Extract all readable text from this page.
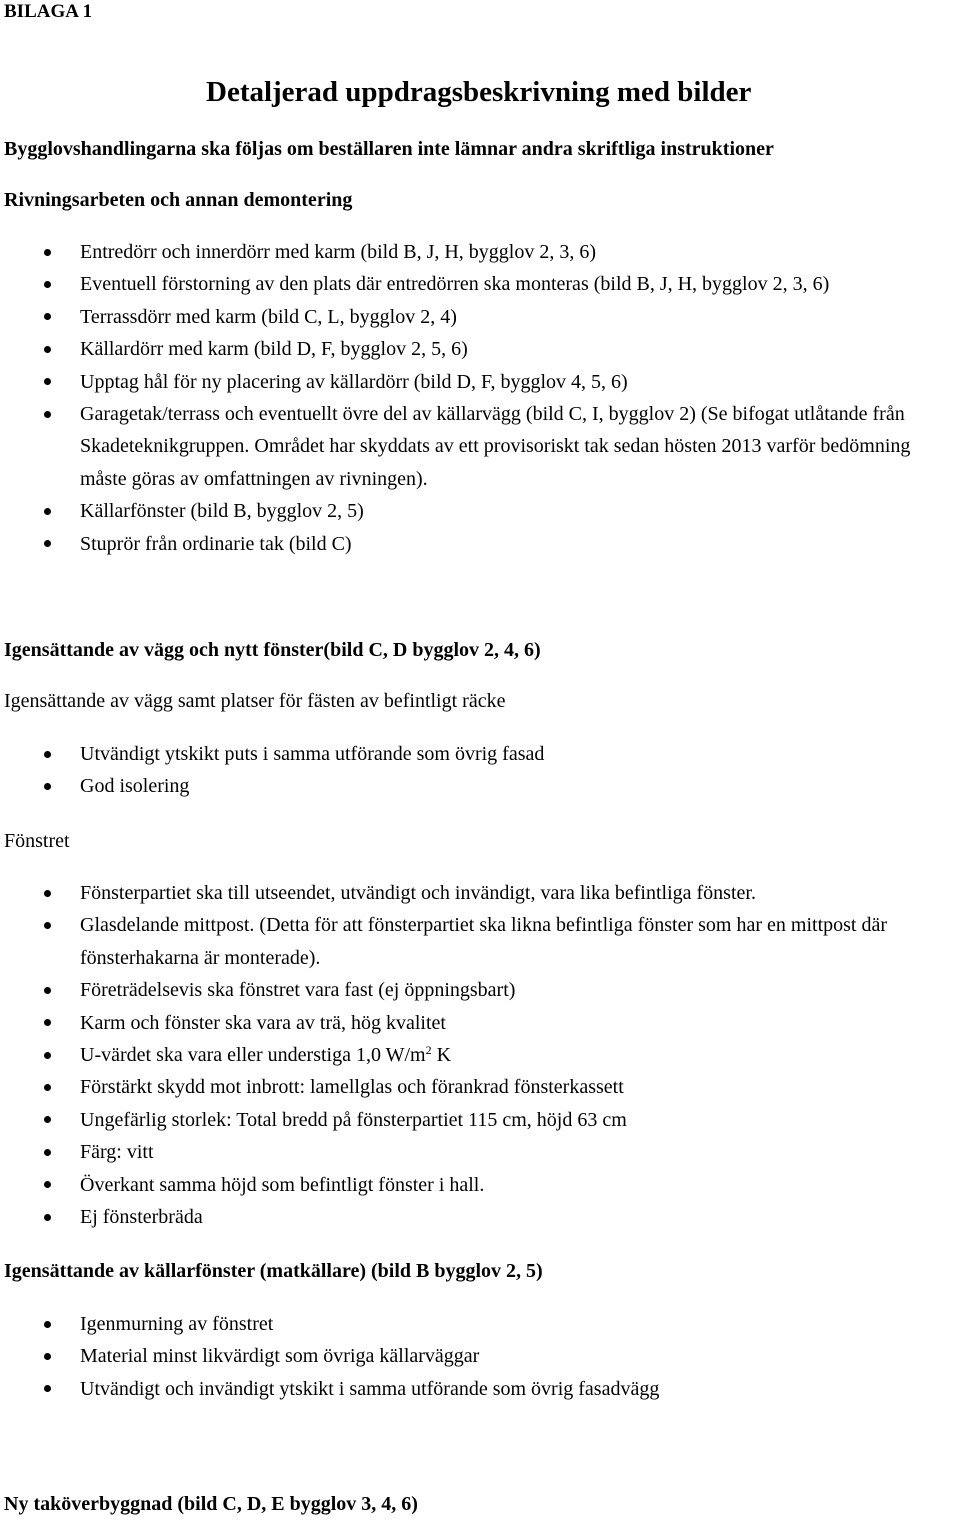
BILAGA 1
Detaljerad uppdragsbeskrivning med bilder
Bygglovshandlingarna ska följas om beställaren inte lämnar andra skriftliga instruktioner
Rivningsarbeten och annan demontering
Entredörr och innerdörr med karm (bild B, J, H, bygglov 2, 3, 6)
Eventuell förstorning av den plats där entredörren ska monteras (bild B, J, H, bygglov 2, 3, 6)
Terrassdörr med karm (bild C, L, bygglov 2, 4)
Källardörr med karm (bild D, F, bygglov 2, 5, 6)
Upptag hål för ny placering av källardörr (bild D, F, bygglov 4, 5, 6)
Garagetak/terrass och eventuellt övre del av källarvägg (bild C, I, bygglov 2) (Se bifogat utlåtande från Skadeteknikgruppen. Området har skyddats av ett provisoriskt tak sedan hösten 2013 varför bedömning måste göras av omfattningen av rivningen).
Källarfönster (bild B, bygglov 2, 5)
Stuprör från ordinarie tak (bild C)
Igensättande av vägg och nytt fönster(bild C, D bygglov 2, 4, 6)
Igensättande av vägg samt platser för fästen av befintligt räcke
Utvändigt ytskikt puts i samma utförande som övrig fasad
God isolering
Fönstret
Fönsterpartiet ska till utseendet, utvändigt och invändigt, vara lika befintliga fönster.
Glasdelande mittpost. (Detta för att fönsterpartiet ska likna befintliga fönster som har en mittpost där fönsterhakarna är monterade).
Företrädelsevis ska fönstret vara fast (ej öppningsbart)
Karm och fönster ska vara av trä, hög kvalitet
U-värdet ska vara eller understiga 1,0 $W/m^2$ K
Förstärkt skydd mot inbrott: lamellglas och förankrad fönsterkassett
Ungefärlig storlek: Total bredd på fönsterpartiet 115 cm, höjd 63 cm
Färg: vitt
Överkant samma höjd som befintligt fönster i hall.
Ej fönsterbräda
Igensättande av källarfönster (matkällare) (bild B bygglov 2, 5)
Igenmurning av fönstret
Material minst likvärdigt som övriga källarväggar
Utvändigt och invändigt ytskikt i samma utförande som övrig fasadvägg
Ny taköverbyggnad (bild C, D, E bygglov 3, 4, 6)
